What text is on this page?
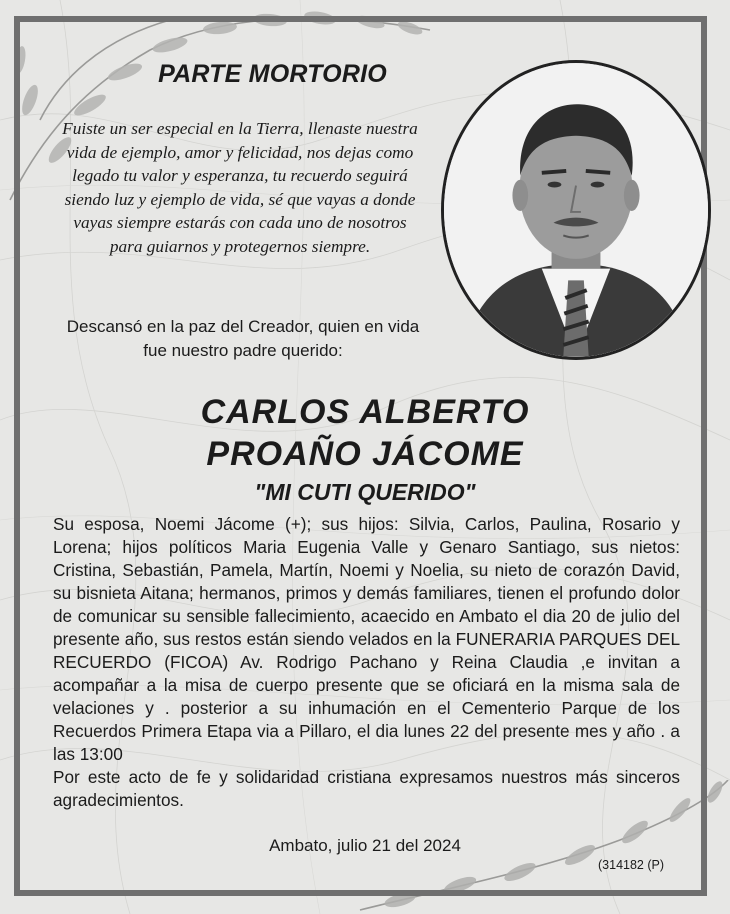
PARTE MORTORIO

Fuiste un ser especial en la Tierra, llenaste nuestra vida de ejemplo, amor y felicidad, nos dejas como legado tu valor y esperanza, tu recuerdo seguirá siendo luz y ejemplo de vida, sé que vayas a donde vayas siempre estarás con cada uno de nosotros para guiarnos y protegernos siempre.

Descansó en la paz del Creador, quien en vida fue nuestro padre querido:

CARLOS ALBERTO
PROAÑO JÁCOME
"MI CUTI QUERIDO"
Su esposa, Noemi Jácome (+); sus hijos: Silvia, Carlos, Paulina, Rosario y Lorena; hijos políticos Maria Eugenia Valle y Genaro Santiago, sus nietos: Cristina, Sebastián, Pamela, Martín, Noemi y Noelia, su nieto de corazón David, su bisnieta Aitana; hermanos, primos y demás familiares, tienen el profundo dolor de comunicar su sensible fallecimiento, acaecido en Ambato el dia 20 de julio del presente año, sus restos están siendo velados en la FUNERARIA PARQUES DEL RECUERDO (FICOA) Av. Rodrigo Pachano y Reina Claudia ,e invitan a acompañar a la misa de cuerpo presente que se oficiará en la misma sala de velaciones y . posterior a su inhumación en el Cementerio Parque de los Recuerdos Primera Etapa via a Pillaro, el dia lunes 22 del presente mes y año . a las 13:00
Por este acto de fe y solidaridad cristiana expresamos nuestros más sinceros agradecimientos.
Ambato, julio 21 del 2024
(314182 (P)
